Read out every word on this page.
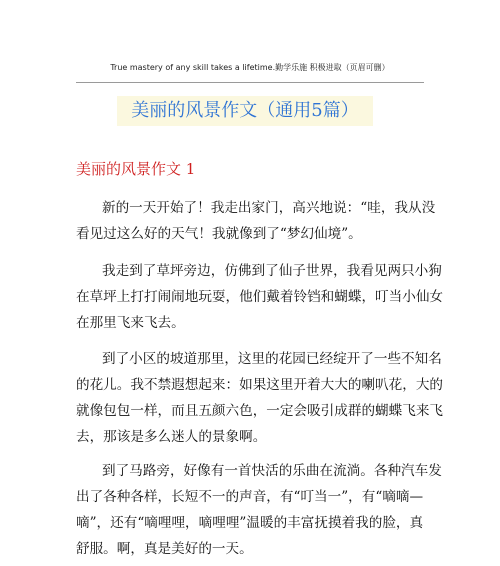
True mastery of any skill takes a lifetime.勤学乐施 积极进取（页眉可删）
美丽的风景作文（通用5篇）
美丽的风景作文 1
新的一天开始了！我走出家门，高兴地说：“哇，我从没
看见过这么好的天气！我就像到了“梦幻仙境”。
我走到了草坪旁边，仿佛到了仙子世界，我看见两只小狗
在草坪上打打闹闹地玩耍，他们戴着铃铛和蝴蝶，叮当小仙女
在那里飞来飞去。
到了小区的坡道那里，这里的花园已经绽开了一些不知名
的花儿。我不禁遐想起来：如果这里开着大大的喇叭花，大的
就像包包一样，而且五颜六色，一定会吸引成群的蝴蝶飞来飞
去，那该是多么迷人的景象啊。
到了马路旁，好像有一首快活的乐曲在流淌。各种汽车发
出了各种各样，长短不一的声音，有“叮当一”，有“嘀嘀—
嘀”，还有“嘀哩哩，嘀哩哩”温暖的丰富抚摸着我的脸，真
舒服。啊，真是美好的一天。
